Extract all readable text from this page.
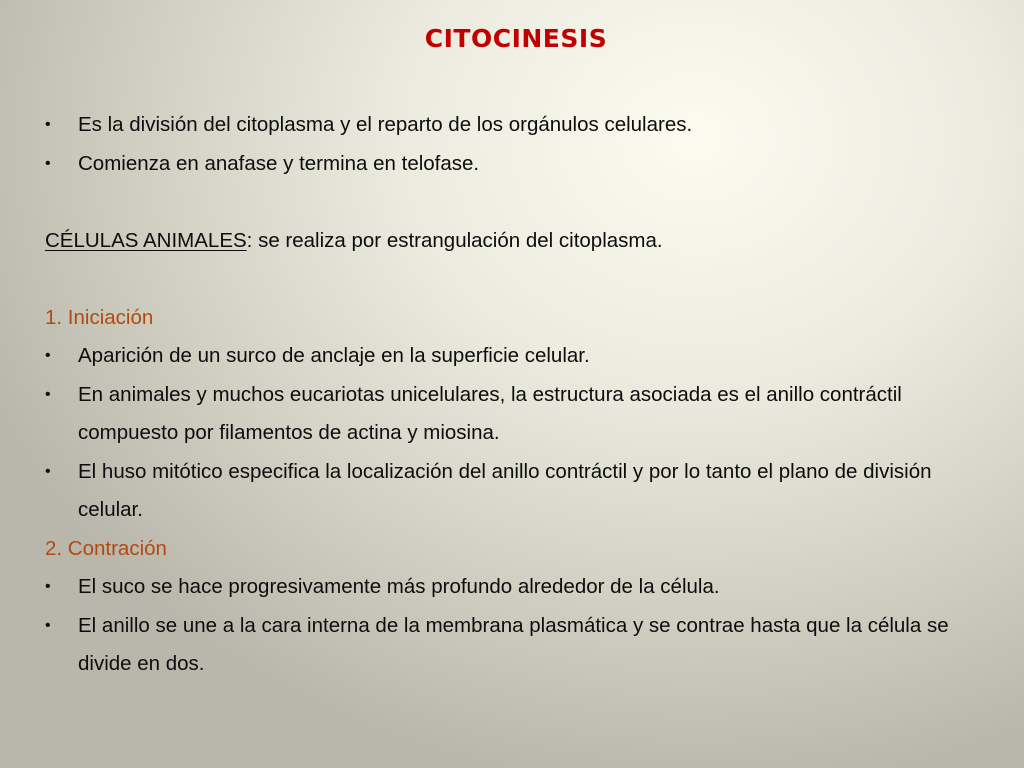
CITOCINESIS
• Es la división del citoplasma y el reparto de los orgánulos celulares.
• Comienza en anafase y termina en telofase.
CÉLULAS ANIMALES: se realiza por estrangulación del citoplasma.
1. Iniciación
• Aparición de un surco de anclaje en la superficie celular.
• En animales y muchos eucariotas unicelulares, la estructura asociada es el anillo contráctil compuesto por filamentos de actina y miosina.
• El huso mitótico especifica la localización del anillo contráctil y por lo tanto el plano de división celular.
2. Contración
• El suco se hace progresivamente más profundo alrededor de la célula.
• El anillo se une a la cara interna de la membrana plasmática y se contrae hasta que la célula se divide en dos.
